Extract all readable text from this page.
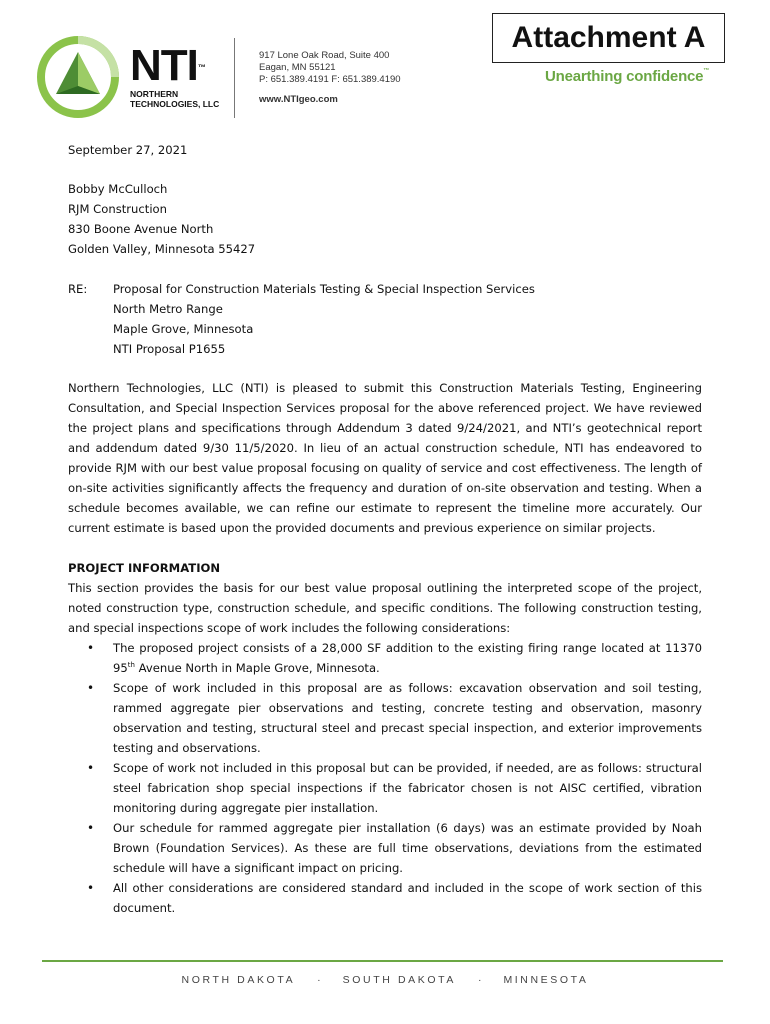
NTI™
NORTHERN
TECHNOLOGIES, LLC
917 Lone Oak Road, Suite 400
Eagan, MN 55121
P: 651.389.4191 F: 651.389.4190
www.NTIgeo.com
Attachment A
Unearthing confidence™
September 27, 2021
Bobby McCulloch
RJM Construction
830 Boone Avenue North
Golden Valley, Minnesota 55427
RE: Proposal for Construction Materials Testing & Special Inspection Services
North Metro Range
Maple Grove, Minnesota
NTI Proposal P1655
Northern Technologies, LLC (NTI) is pleased to submit this Construction Materials Testing, Engineering Consultation, and Special Inspection Services proposal for the above referenced project. We have reviewed the project plans and specifications through Addendum 3 dated 9/24/2021, and NTI’s geotechnical report and addendum dated 9/30 11/5/2020. In lieu of an actual construction schedule, NTI has endeavored to provide RJM with our best value proposal focusing on quality of service and cost effectiveness. The length of on-site activities significantly affects the frequency and duration of on-site observation and testing. When a schedule becomes available, we can refine our estimate to represent the timeline more accurately. Our current estimate is based upon the provided documents and previous experience on similar projects.
PROJECT INFORMATION
This section provides the basis for our best value proposal outlining the interpreted scope of the project, noted construction type, construction schedule, and specific conditions. The following construction testing, and special inspections scope of work includes the following considerations:
• The proposed project consists of a 28,000 SF addition to the existing firing range located at 11370 95th Avenue North in Maple Grove, Minnesota.
• Scope of work included in this proposal are as follows: excavation observation and soil testing, rammed aggregate pier observations and testing, concrete testing and observation, masonry observation and testing, structural steel and precast special inspection, and exterior improvements testing and observations.
• Scope of work not included in this proposal but can be provided, if needed, are as follows: structural steel fabrication shop special inspections if the fabricator chosen is not AISC certified, vibration monitoring during aggregate pier installation.
• Our schedule for rammed aggregate pier installation (6 days) was an estimate provided by Noah Brown (Foundation Services). As these are full time observations, deviations from the estimated schedule will have a significant impact on pricing.
• All other considerations are considered standard and included in the scope of work section of this document.
NORTH DAKOTA · SOUTH DAKOTA · MINNESOTA
